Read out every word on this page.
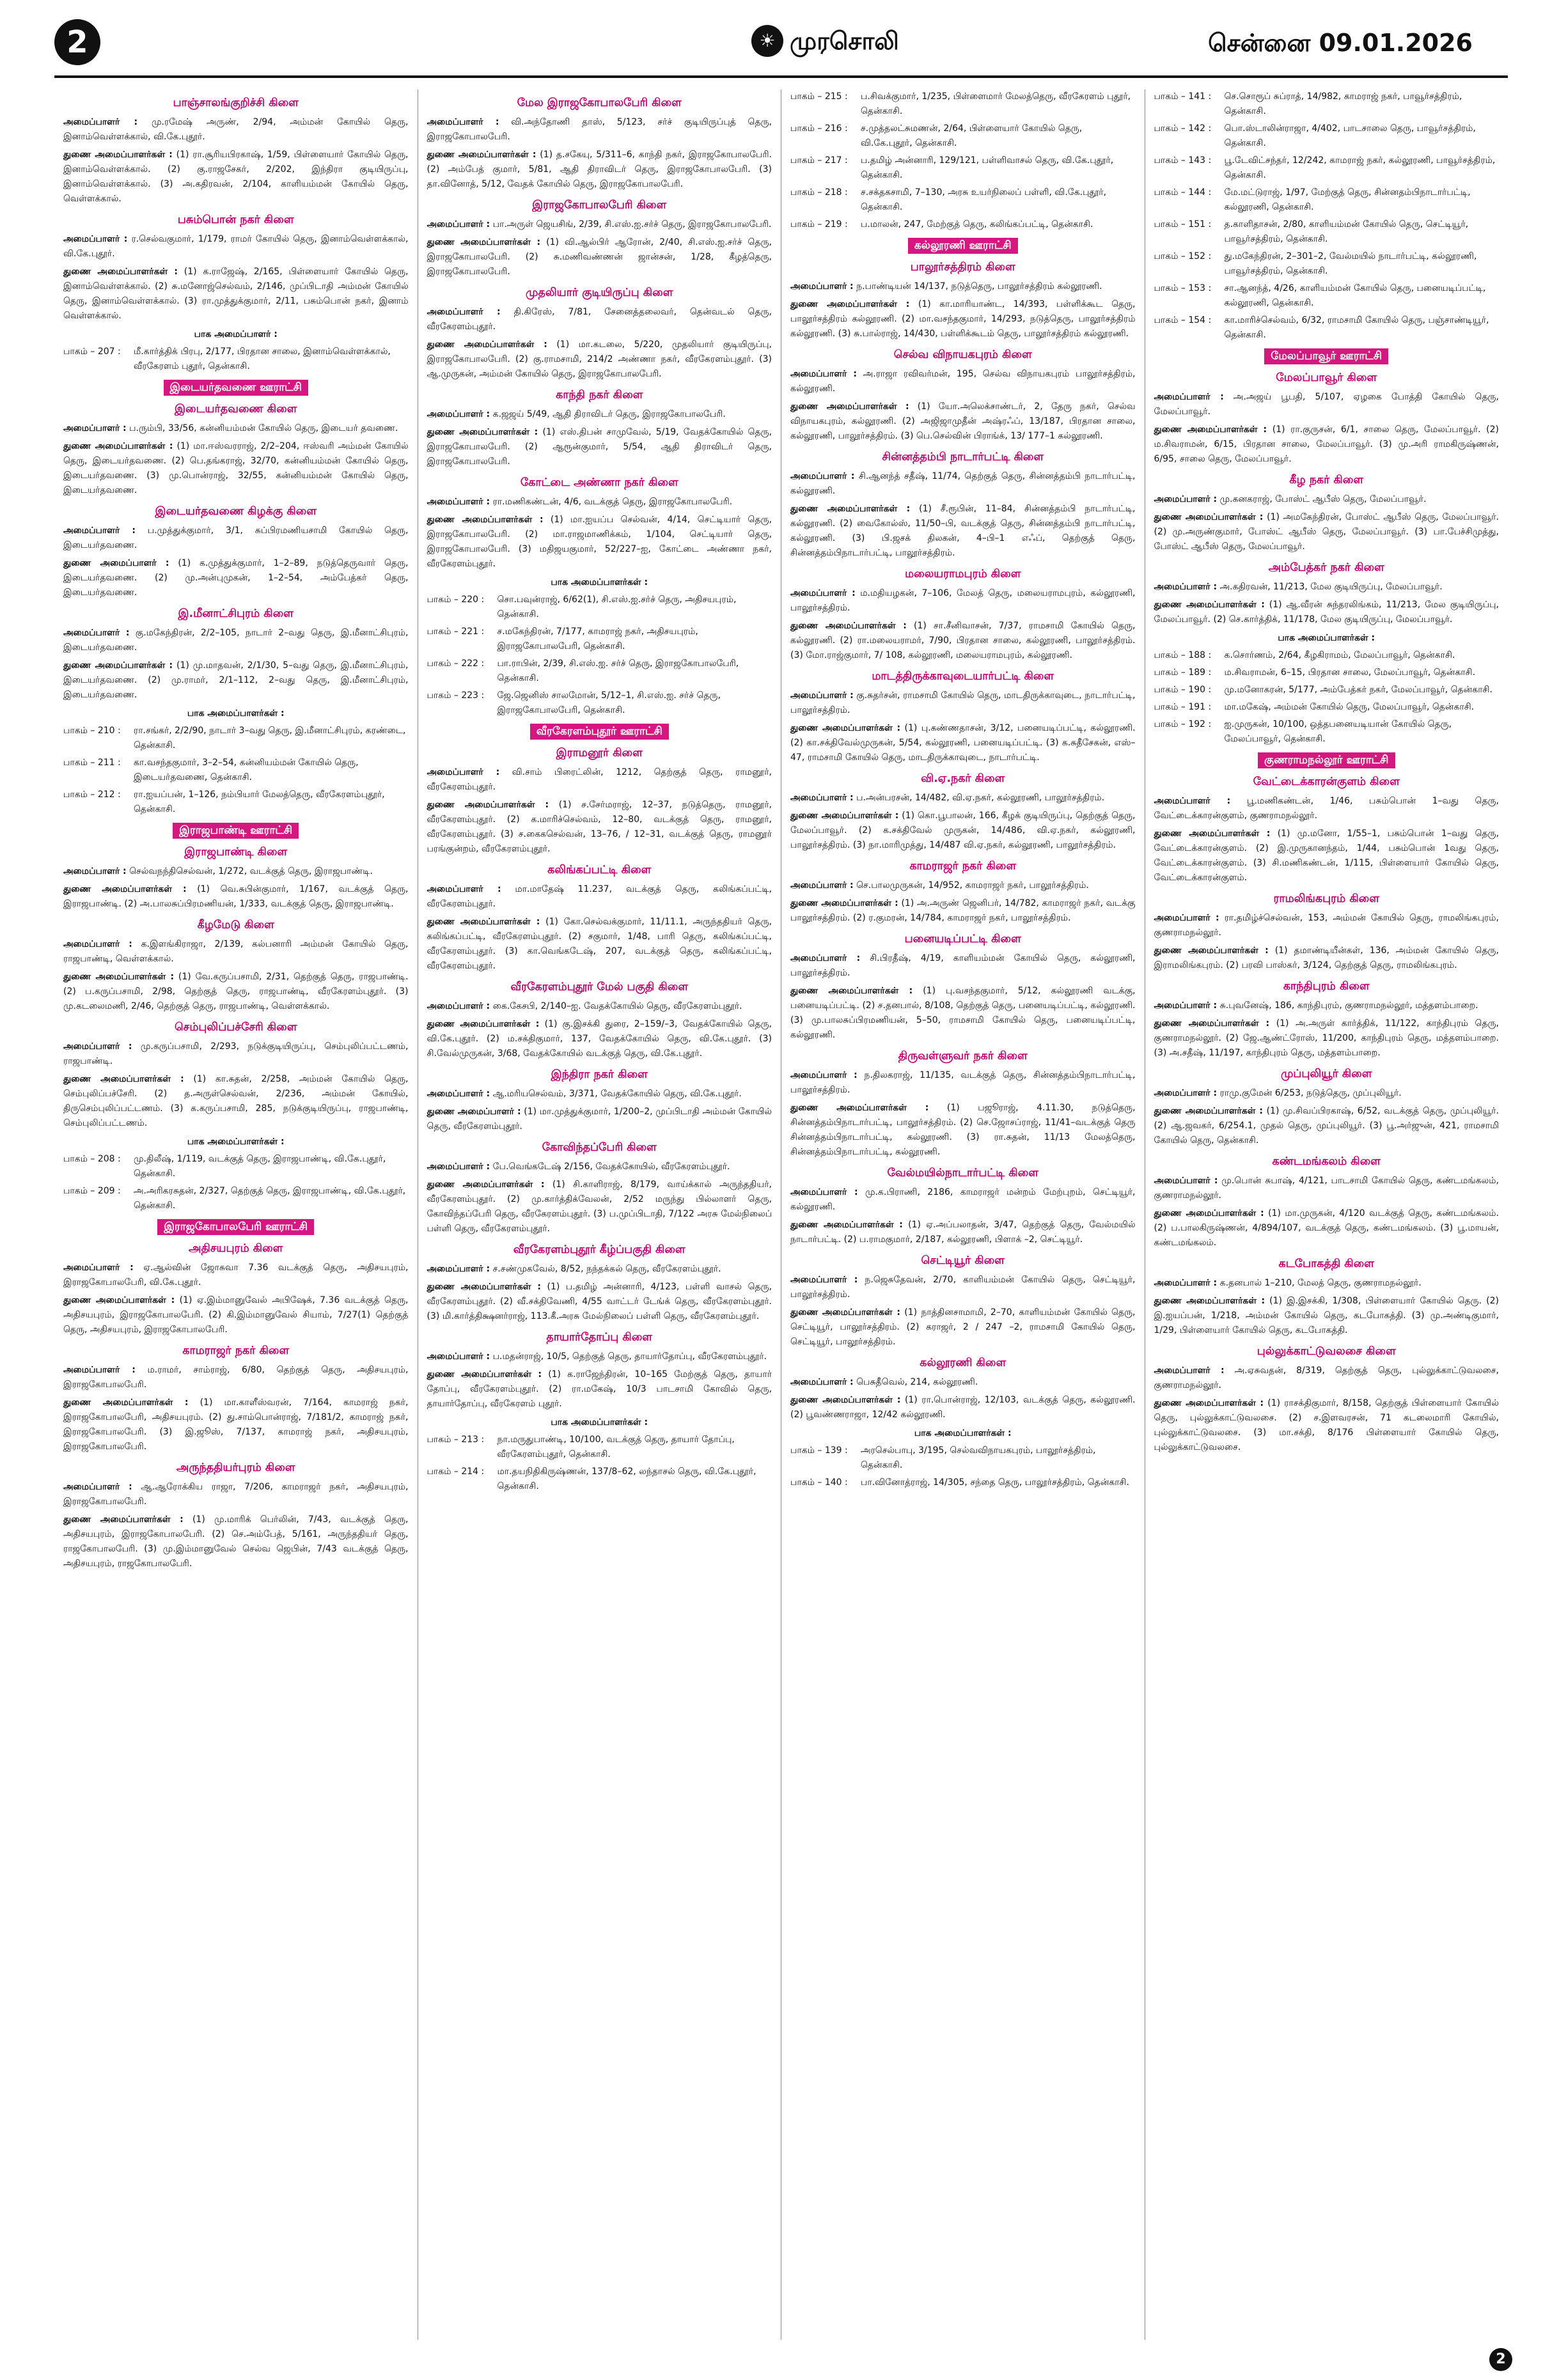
2	☀ முரசொலி	சென்னை 09.01.2026
பாஞ்சாலங்குறிச்சி கிளை

அமைப்பாளர் : மு.ரமேஷ் அருண், 2/94, அம்மன் கோயில் தெரு, இனாம்வெள்ளக்கால், வி.கே.புதூர்.

துணை அமைப்பாளர்கள் : (1) ரா.சூரியபிரகாஷ், 1/59, பிள்ளையார் கோயில் தெரு, இனாம்வெள்ளக்கால். (2) கு.ராஜசேகர், 2/202, இந்திரா குடியிருப்பு, இனாம்வெள்ளக்கால். (3) அ.கதிரவன், 2/104, காளியம்மன் கோயில் தெரு, வெள்ளக்கால்.

பசும்பொன் நகர் கிளை

அமைப்பாளர் : ர.செல்வகுமார், 1/179, ராமர் கோயில் தெரு, இனாம்வெள்ளக்கால், வி.கே.புதூர்.

துணை அமைப்பாளர்கள் : (1) க.ராஜேஷ், 2/165, பிள்ளையார் கோயில் தெரு, இனாம்வெள்ளக்கால். (2) சு.மனோஜ்செல்வம், 2/146, முப்பிடாதி அம்மன் கோயில் தெரு, இனாம்வெள்ளக்கால். (3) ரா.முத்துக்குமார், 2/11, பசும்பொன் நகர், இனாம் வெள்ளக்கால்.

பாக அமைப்பாளர் :
பாகம் – 207 :	மீ.கார்த்திக் பிரபு, 2/177, பிரதான சாலை, இனாம்வெள்ளக்கால், வீரகேரளம் புதூர், தென்காசி.
இடையர்தவணை ஊராட்சி
இடையர்தவணை கிளை

அமைப்பாளர் : ப.ரும்பி, 33/56, கன்னியம்மன் கோயில் தெரு, இடையர் தவணை.

துணை அமைப்பாளர்கள் : (1) மா.ஈஸ்வரராஜ், 2/2–204, ஈஸ்வரி அம்மன் கோயில் தெரு, இடையர்தவணை. (2) பெ.தங்கராஜ், 32/70, கன்னியம்மன் கோயில் தெரு, இடையர்தவணை. (3) மு.பொன்ராஜ், 32/55, கன்னியம்மன் கோயில் தெரு, இடையர்தவணை.

இடையர்தவணை கிழக்கு கிளை

அமைப்பாளர் : ப.முத்துக்குமார், 3/1, சுப்பிரமணியசாமி கோயில் தெரு, இடையர்தவணை.

துணை அமைப்பாளர் : (1) க.முத்துக்குமார், 1–2–89, நடுத்தெருவார் தெரு, இடையர்தவணை. (2) மு.அன்புமுகன், 1–2–54, அம்பேத்கர் தெரு, இடையர்தவணை.

இ.மீனாட்சிபுரம் கிளை

அமைப்பாளர் : கு.மகேந்திரன், 2/2–105, நாடார் 2–வது தெரு, இ.மீனாட்சிபுரம், இடையர்தவணை.

துணை அமைப்பாளர்கள் : (1) மு.மாதவன், 2/1/30, 5–வது தெரு, இ.மீனாட்சிபுரம், இடையர்தவணை. (2) மு.ராமர், 2/1–112, 2–வது தெரு, இ.மீனாட்சிபுரம், இடையர்தவணை.

பாக அமைப்பாளர்கள் :
பாகம் – 210 :	ரா.சங்கர், 2/2/90, நாடார் 3–வது தெரு, இ.மீனாட்சிபுரம், கரண்டை, தென்காசி.
பாகம் – 211 :	கா.வசந்தகுமார், 3–2–54, கன்னியம்மன் கோயில் தெரு, இடையர்தவணை, தென்காசி.
பாகம் – 212 :	ரா.ஐயப்பன், 1–126, நம்பியார் மேலத்தெரு, வீரகேரளம்புதூர், தென்காசி.
இராஜபாண்டி ஊராட்சி
இராஜபாண்டி கிளை

அமைப்பாளர் : செல்வநந்திசெல்வன், 1/272, வடக்குத் தெரு, இராஜபாண்டி.

துணை அமைப்பாளர்கள் : (1) வெ.சுபின்குமார், 1/167, வடக்குத் தெரு, இராஜபாண்டி. (2) அ.பாலசுப்பிரமணியன், 1/333, வடக்குத் தெரு, இராஜபாண்டி.

கீழமேடு கிளை

அமைப்பாளர் : க.இளங்கிராஜா, 2/139, கல்பனாரி அம்மன் கோயில் தெரு, ராஜபாண்டி, வெள்ளக்கால்.

துணை அமைப்பாளர்கள் : (1) வே.கருப்பசாமி, 2/31, தெற்குத் தெரு, ராஜபாண்டி. (2) ப.கருப்பசாமி, 2/98, தெற்குத் தெரு, ராஜபாண்டி, வீரகேரளம்புதூர். (3) மு.கடலைமணி, 2/46, தெற்குத் தெரு, ராஜபாண்டி, வெள்ளக்கால்.

செம்புலிப்பச்சேரி கிளை

அமைப்பாளர் : மு.கருப்பசாமி, 2/293, நடுக்குடியிருப்பு, செம்புலிப்பட்டணம், ராஜபாண்டி.

துணை அமைப்பாளர்கள் : (1) கா.சுதன், 2/258, அம்மன் கோயில் தெரு, செம்புலிப்பச்சேரி. (2) த.அருள்செல்வன், 2/236, அம்மன் கோயில், திருசெம்புலிப்பட்டணம். (3) க.கருப்பசாமி, 285, நடுக்குடியிருப்பு, ராஜபாண்டி, செம்புலிப்பட்டணம்.

பாக அமைப்பாளர்கள் :
பாகம் – 208 :	மு.திலீஷ், 1/119, வடக்குத் தெரு, இராஜபாண்டி, வி.கே.புதூர், தென்காசி.
பாகம் – 209 :	அ.அரிகரசுதன், 2/327, தெற்குத் தெரு, இராஜபாண்டி, வி.கே.புதூர், தென்காசி.
இராஜகோபாலபேரி ஊராட்சி
அதிசயபுரம் கிளை

அமைப்பாளர் : ஏ.ஆல்வின் ஜோசுவா 7.36 வடக்குத் தெரு, அதிசயபுரம், இராஜகோபாலபேரி, வி.கே.புதூர்.

துணை அமைப்பாளர்கள் : (1) ஏ.இம்மானுவேல் அபிஷேக், 7.36 வடக்குத் தெரு, அதிசயபுரம், இராஜகோபாலபேரி. (2) கி.இம்மானுவேல் சியாம், 7/27(1) தெற்குத் தெரு, அதிசயபுரம், இராஜகோபாலபேரி.

காமராஜர் நகர் கிளை

அமைப்பாளர் : ம.ராமர், சாம்ராஜ், 6/80, தெற்குத் தெரு, அதிசயபுரம், இராஜகோபாலபேரி.

துணை அமைப்பாளர்கள் : (1) மா.காளீஸ்வரன், 7/164, காமராஜ் நகர், இராஜகோபாலபேரி, அதிசயபுரம். (2) து.சாம்பொன்ராஜ், 7/181/2, காமராஜ் நகர், இராஜகோபாலபேரி. (3) இ.ஜூஸ், 7/137, காமராஜ் நகர், அதிசயபுரம், இராஜகோபாலபேரி.

அருந்ததியர்புரம் கிளை

அமைப்பாளர் : ஆ.ஆரோக்கிய ராஜா, 7/206, காமராஜர் நகர், அதிசயபுரம், இராஜகோபாலபேரி.

துணை அமைப்பாளர்கள் : (1) மு.மாரிக் பெர்லின், 7/43, வடக்குத் தெரு, அதிசயபுரம், இராஜகோபாலபேரி. (2) செ.அம்பேத், 5/161, அருந்ததியர் தெரு, ராஜகோபாலபேரி. (3) மு.இம்மானுவேல் செல்வ ஜெபின், 7/43 வடக்குத் தெரு, அதிசயபுரம், ராஜகோபாலபேரி.

மேல இராஜகோபாலபேரி கிளை

அமைப்பாளர் : வி.அந்தோணி தாஸ், 5/123, சர்ச் குடியிருப்புத் தெரு, இராஜகோபாலபேரி.

துணை அமைப்பாளர்கள் : (1) த.சகேயு, 5/311–6, காந்தி நகர், இராஜகோபாலபேரி. (2) அம்பேத் குமார், 5/81, ஆதி திராவிடர் தெரு, இராஜகோபாலபேரி. (3) தா.வினோத், 5/12, வேதக் கோயில் தெரு, இராஜகோபாலபேரி.

இராஜகோபாலபேரி கிளை

அமைப்பாளர் : பா.அருள் ஜெயசிங், 2/39, சி.எஸ்.ஐ.சர்ச் தெரு, இராஜகோபாலபேரி.

துணை அமைப்பாளர்கள் : (1) வி.ஆல்பிர் ஆரோன், 2/40, சி.எஸ்.ஐ.சர்ச் தெரு, இராஜகோபாலபேரி. (2) சு.மணிவண்ணன் ஜான்சன், 1/28, கீழத்தெரு, இராஜகோபாலபேரி.

முதலியார் குடியிருப்பு கிளை

அமைப்பாளர் : தி.கிரேஸ், 7/81, சேனைத்தலைவர், தென்வடல் தெரு, வீரகேரளம்புதூர்.

துணை அமைப்பாளர்கள் : (1) மா.கடலை, 5/220, முதலியார் குடியிருப்பு, இராஜகோபாலபேரி. (2) கு.ராமசாமி, 214/2 அண்ணா நகர், வீரகேரளம்புதூர். (3) ஆ.முருகன், அம்மன் கோயில் தெரு, இராஜகோபாலபேரி.

காந்தி நகர் கிளை

அமைப்பாளர் : க.ஜஜய் 5/49, ஆதி திராவிடர் தெரு, இராஜகோபாலபேரி.

துணை அமைப்பாளர்கள் : (1) எஸ்.திபன் சாமுவேல், 5/19, வேதக்கோயில் தெரு, இராஜகோபாலபேரி. (2) ஆரூன்குமார், 5/54, ஆதி திராவிடர் தெரு, இராஜகோபாலபேரி.

கோட்டை அண்ணா நகர் கிளை

அமைப்பாளர் : ரா.மணிகண்டன், 4/6, வடக்குத் தெரு, இராஜகோபாலபேரி.

துணை அமைப்பாளர்கள் : (1) மா.ஐயப்ப செல்வன், 4/14, செட்டியார் தெரு, இராஜகோபாலபேரி. (2) மா.ராஜமாணிக்கம், 1/104, செட்டியார் தெரு, இராஜகோபாலபேரி. (3) மதிஜயகுமார், 52/227–ஐ, கோட்டை அண்ணா நகர், வீரகேரளம்புதூர்.

பாக அமைப்பாளர்கள் :
பாகம் – 220 :	சொ.பவுன்ராஜ், 6/62(1), சி.எஸ்.ஐ.சர்ச் தெரு, அதிசயபுரம், தென்காசி.
பாகம் – 221 :	ச.மகேந்திரன், 7/177, காமராஜ் நகர், அதிசயபுரம், இராஜகோபாலபேரி, தென்காசி.
பாகம் – 222 :	பா.ராபின், 2/39, சி.எஸ்.ஐ. சர்ச் தெரு, இராஜகோபாலபேரி, தென்காசி.
பாகம் – 223 :	ஜே.ஜெனிஸ் சாலமோன், 5/12–1, சி.எஸ்.ஐ. சர்ச் தெரு, இராஜகோபாலபேரி, தென்காசி.
வீரகேரளம்புதூர் ஊராட்சி
இராமனூர் கிளை

அமைப்பாளர் : வி.சாம் பிரைட்லின், 1212, தெற்குத் தெரு, ராமனூர், வீரகேரளம்புதூர்.

துணை அமைப்பாளர்கள் : (1) ச.சேர்மராஜ், 12–37, நடுத்தெரு, ராமனூர், வீரகேரளம்புதூர். (2) க.மாரிச்செல்வம், 12–80, வடக்குத் தெரு, ராமனூர், வீரகேரளம்புதூர். (3) ச.கைகசெல்வன், 13–76, / 12–31, வடக்குத் தெரு, ராமனூர் பரங்குன்றம், வீரகேரளம்புதூர்.

கலிங்கப்பட்டி கிளை

அமைப்பாளர் : மா.மாதேஷ் 11.237, வடக்குத் தெரு, கலிங்கப்பட்டி, வீரகேரளம்புதூர்.

துணை அமைப்பாளர்கள் : (1) கோ.செல்வக்குமார், 11/11.1, அருந்ததியர் தெரு, கலிங்கப்பட்டி, வீரகேரளம்புதூர். (2) சகுமார், 1/48, பாரி தெரு, கலிங்கப்பட்டி, வீரகேரளம்புதூர். (3) கா.வெங்கடேஷ், 207, வடக்குத் தெரு, கலிங்கப்பட்டி, வீரகேரளம்புதூர்.

வீரகேரளம்புதூர் மேல் பகுதி கிளை

அமைப்பாளர் : கை.கேசபி, 2/140–ஐ. வேதக்கோயில் தெரு, வீரகேரளம்புதூர்.

துணை அமைப்பாளர்கள் : (1) கு.இசக்கி துரை, 2–159/–3, வேதக்கோயில் தெரு, வி.கே.புதூர். (2) ம.சக்திகுமார், 137, வேதக்கோயில் தெரு, வி.கே.புதூர். (3) சி.வேல்முருகன், 3/68, வேதக்கோயில் வடக்குத் தெரு, வி.கே.புதூர்.

இந்திரா நகர் கிளை

அமைப்பாளர் : ஆ.மரியசெல்வம், 3/371, வேதக்கோயில் தெரு, வி.கே.புதூர்.

துணை அமைப்பாளர் : (1) மா.முத்துக்குமார், 1/200–2, முப்பிடாதி அம்மன் கோயில் தெரு, வீரகேரளம்புதூர்.

கோவிந்தப்பேரி கிளை

அமைப்பாளர் : பே.வெங்கடேஷ் 2/156, வேதக்கோயில், வீரகேரளம்புதூர்.

துணை அமைப்பாளர்கள் : (1) சி.காளிராஜ், 8/179, வாய்க்கால் அருந்ததியர், வீரகேரளம்புதூர். (2) மு.கார்த்திக்வேலன், 2/52 மருந்து பில்லாளர் தெரு, கோவிந்தப்பேரி தெரு, வீரகேரளம்புதூர். (3) ப.முப்பிடாதி, 7/122 அரசு மேல்நிலைப் பள்ளி தெரு, வீரகேரளம்புதூர்.

வீரகேரளம்புதூர் கீழ்ப்பகுதி கிளை

அமைப்பாளர் : ச.சண்முகவேல், 8/52, நந்தக்கல் தெரு, வீரகேரளம்புதூர்.

துணை அமைப்பாளர்கள் : (1) ப.தமிழ் அன்னாரி, 4/123, பள்ளி வாசல் தெரு, வீரகேரளம்புதூர். (2) வீ.சக்திவேணி, 4/55 வாட்டர் டேங்க் தெரு, வீரகேரளம்புதூர். (3) மி.கார்த்திக்ஷனர்ராஜ், 113.கீ.அரசு மேல்நிலைப் பள்ளி தெரு, வீரகேரளம்புதூர்.

தாயார்தோப்பு கிளை

அமைப்பாளர் : ப.மதன்ராஜ், 10/5, தெற்குத் தெரு, தாயார்தோப்பு, வீரகேரளம்புதூர்.

துணை அமைப்பாளர்கள் : (1) க.ராஜேந்திரன், 10–165 மேற்குத் தெரு, தாயார் தோப்பு, வீரகேரளம்புதூர். (2) ரா.மகேஷ், 10/3 பாடசாமி கோவில் தெரு, தாயார்தோப்பு, வீரகேரளம் புதூர்.

பாக அமைப்பாளர்கள் :
பாகம் – 213 :	நா.மருதுபாண்டி, 10/100, வடக்குத் தெரு, தாயார் தோப்பு, வீரகேரளம்புதூர், தென்காசி.
பாகம் – 214 :	மா.தயநிதிகிருஷ்ணன், 137/8–62, லந்தாசல் தெரு, வி.கே.புதூர், தென்காசி.
பாகம் – 215 :	ப.சிவக்குமார், 1/235, பிள்ளைமார் மேலத்தெரு, வீரகேரளம் புதூர், தென்காசி.
பாகம் – 216 :	ச.முத்தலட்சுமணன், 2/64, பிள்ளையார் கோயில் தெரு, வி.கே.புதூர், தென்காசி.
பாகம் – 217 :	ப.தமிழ் அன்னாரி, 129/121, பள்ளிவாசல் தெரு, வி.கே.புதூர், தென்காசி.
பாகம் – 218 :	ச.சக்தகசாமி, 7–130, அரசு உயர்நிலைப் பள்ளி, வி.கே.புதூர், தென்காசி.
பாகம் – 219 :	ப.மாலன், 247, மேற்குத் தெரு, கலிங்கப்பட்டி, தென்காசி.
கல்லூரணி ஊராட்சி
பாலூர்சத்திரம் கிளை

அமைப்பாளர் : ந.பாண்டியன் 14/137, நடுத்தெரு, பாலூர்சத்திரம் கல்லூரணி.

துணை அமைப்பாளர்கள் : (1) கா.மாரியாண்ட, 14/393, பள்ளிக்கூட தெரு, பாலூர்சத்திரம் கல்லூரணி. (2) மா.வசந்தகுமார், 14/293, நடுத்தெரு, பாலூர்சத்திரம் கல்லூரணி. (3) சு.பால்ராஜ், 14/430, பள்ளிக்கூடம் தெரு, பாலூர்சத்திரம் கல்லூரணி.

செல்வ விநாயகபுரம் கிளை

அமைப்பாளர் : அ.ராஜா ரவிவர்மன், 195, செல்வ விநாயகபுரம் பாலூர்சத்திரம், கல்லூரணி.

துணை அமைப்பாளர்கள் : (1) யோ.அலெக்சாண்டர், 2, தேரு நகர், செல்வ விநாயகபுரம், கல்லூரணி. (2) அஜிஜாமுதீன் அஷ்ரஃப், 13/187, பிரதான சாலை, கல்லூரணி, பாலூர்சத்திரம். (3) பெ.செல்வின் பிராங்க், 13/ 177–1 கல்லூரணி.

சின்னத்தம்பி நாடார்பட்டி கிளை

அமைப்பாளர் : சி.ஆனந்த் சதீஷ், 11/74, தெற்குத் தெரு, சின்னத்தம்பி நாடார்பட்டி, கல்லூரணி.

துணை அமைப்பாளர்கள் : (1) சீ.ரூபின், 11–84, சின்னத்தம்பி நாடார்பட்டி, கல்லூரணி. (2) வைகோல்ஸ், 11/50–பி, வடக்குத் தெரு, சின்னத்தம்பி நாடார்பட்டி, கல்லூரணி. (3) பி.ஜசக் திலகன், 4–பி–1 எஃப், தெற்குத் தெரு, சின்னத்தம்பிநாடார்பட்டி, பாலூர்சத்திரம்.

மலையராமபுரம் கிளை

அமைப்பாளர் : ம.மதியழகன், 7–106, மேலத் தெரு, மலையராமபுரம், கல்லூரணி, பாலூர்சத்திரம்.

துணை அமைப்பாளர்கள் : (1) சா.சீனிவாசன், 7/37, ராமசாமி கோயில் தெரு, கல்லூரணி. (2) ரா.மலையராமர், 7/90, பிரதான சாலை, கல்லூரணி, பாலூர்சத்திரம். (3) மோ.ராஜ்குமார், 7/ 108, கல்லூரணி, மலையராமபுரம், கல்லூரணி.

மாடத்திருக்காவுடையார்பட்டி கிளை

அமைப்பாளர் : கு.சுதர்சன், ராமசாமி கோயில் தெரு, மாடதிருக்காவுடை, நாடார்பட்டி, பாலூர்சத்திரம்.

துணை அமைப்பாளர்கள் : (1) பு.கண்ணதாசன், 3/12, பனையடிப்பட்டி, கல்லூரணி. (2) கா.சக்திவேல்முருகன், 5/54, கல்லூரணி, பனையடிப்பட்டி. (3) க.சுதீசேகன், எஸ்–47, ராமசாமி கோயில் தெரு, மாடதிருக்காவுடை, நாடார்பட்டி.

வி.ஏ.நகர் கிளை

அமைப்பாளர் : ப.அன்பரசன், 14/482, வி.ஏ.நகர், கல்லூரணி, பாலூர்சத்திரம்.

துணை அமைப்பாளர்கள் : (1) கொ.பூபாலன், 166, கீழக் குடியிருப்பு, தெற்குத் தெரு, மேலப்பாவூர். (2) க.சக்திவேல் முருகன், 14/486, வி.ஏ.நகர், கல்லூரணி, பாலூர்சத்திரம். (3) நா.மாரிமுத்து, 14/487 வி.ஏ.நகர், கல்லூரணி, பாலூர்சத்திரம்.

காமராஜர் நகர் கிளை

அமைப்பாளர் : செ.பாலமுருகன், 14/952, காமராஜர் நகர், பாலூர்சத்திரம்.

துணை அமைப்பாளர்கள் : (1) அ.அருண் ஜெனிபர், 14/782, காமராஜர் நகர், வடக்கு பாலூர்சத்திரம். (2) ர.குமரன், 14/784, காமராஜர் நகர், பாலூர்சத்திரம்.

பனையடிப்பட்டி கிளை

அமைப்பாளர் : சி.பிரதீஷ், 4/19, காளியம்மன் கோயில் தெரு, கல்லூரணி, பாலூர்சத்திரம்.

துணை அமைப்பாளர்கள் : (1) பு.வசந்தகுமார், 5/12, கல்லூரணி வடக்கு, பனையடிப்பட்டி. (2) ச.தனபால், 8/108, தெற்குத் தெரு, பனையடிப்பட்டி, கல்லூரணி. (3) மு.பாலசுப்பிரமணியன், 5–50, ராமசாமி கோயில் தெரு, பனையடிப்பட்டி, கல்லூரணி.

திருவள்ளுவர் நகர் கிளை

அமைப்பாளர் : ந.திலகராஜ், 11/135, வடக்குத் தெரு, சின்னத்தம்பிநாடார்பட்டி, பாலூர்சத்திரம்.

துணை அமைப்பாளர்கள் : (1) பஜூராஜ், 4.11.30, நடுத்தெரு, சின்னத்தம்பிநாடார்பட்டி, பாலூர்சத்திரம். (2) செ.ஜோசப்ராஜ், 11/41–வடக்குத் தெரு சின்னத்தம்பிநாடார்பட்டி, கல்லூரணி. (3) ரா.சுதன், 11/13 மேலத்தெரு, சின்னத்தம்பிநாடார்பட்டி, கல்லூரணி.

வேல்மயில்நாடார்பட்டி கிளை

அமைப்பாளர் : மு.க.பிராணி, 2186, காமராஜர் மன்றம் மேற்புறம், செட்டியூர், கல்லூரணி.

துணை அமைப்பாளர்கள் : (1) ஏ.அப்பலாதன், 3/47, தெற்குத் தெரு, வேல்மயில் நாடார்பட்டி. (2) ப.ராமகுமார், 2/187, கல்லூரணி, பிளாக் –2, செட்டியூர்.

செட்டியூர் கிளை

அமைப்பாளர் : ந.ஜெசுதேவன், 2/70, காளியம்மன் கோயில் தெரு, செட்டியூர், பாலூர்சத்திரம்.

துணை அமைப்பாளர்கள் : (1) நாத்தினசாமாமி, 2–70, காளியம்மன் கோயில் தெரு, செட்டியூர், பாலூர்சத்திரம். (2) கராஜர், 2 / 247 –2, ராமசாமி கோயில் தெரு, செட்டியூர், பாலூர்சத்திரம்.

கல்லூரணி கிளை

அமைப்பாளர் : பெசுதீவெல், 214, கல்லூரணி.

துணை அமைப்பாளர்கள் : (1) ரா.பொன்ராஜ், 12/103, வடக்குத் தெரு, கல்லூரணி. (2) பூவண்ணராஜா, 12/42 கல்லூரணி.

பாக அமைப்பாளர்கள் :
பாகம் – 139 :	அரசெல்பாபு, 3/195, செல்வவிநாயகபுரம், பாலூர்சத்திரம், தென்காசி.
பாகம் – 140 :	பா.வினோத்ராஜ், 14/305, சந்தை தெரு, பாலூர்சத்திரம், தென்காசி.
பாகம் – 141 :	செ.சொரூப் சுப்ராத், 14/982, காமராஜ் நகர், பாவூர்சத்திரம், தென்காசி.
பாகம் – 142 :	பொ.ஸ்டாலின்ராஜா, 4/402, பாடசாலை தெரு, பாவூர்சத்திரம், தென்காசி.
பாகம் – 143 :	பூ.டேவிட்சந்தர், 12/242, காமராஜ் நகர், கல்லூரணி, பாவூர்சத்திரம், தென்காசி.
பாகம் – 144 :	மே.மட்டுராஜ், 1/97, மேற்குத் தெரு, சின்னதம்பிநாடார்பட்டி, கல்லூரணி, தென்காசி.
பாகம் – 151 :	த.காளிதாசன், 2/80, காளியம்மன் கோயில் தெரு, செட்டியூர், பாவூர்சத்திரம், தென்காசி.
பாகம் – 152 :	து.மகேந்திரன், 2–301–2, வேல்மயில் நாடார்பட்டி, கல்லூரணி, பாவூர்சத்திரம், தென்காசி.
பாகம் – 153 :	சா.ஆனந்த், 4/26, காளியம்மன் கோயில் தெரு, பனையடிப்பட்டி, கல்லூரணி, தென்காசி.
பாகம் – 154 :	கா.மாரிச்செல்வம், 6/32, ராமசாமி கோயில் தெரு, பஞ்சாண்டியூர், தென்காசி.
மேலப்பாவூர் ஊராட்சி
மேலப்பாவூர் கிளை

அமைப்பாளர் : அ.அஜய் பூபதி, 5/107, ஏழகை போத்தி கோயில் தெரு, மேலப்பாவூர்.

துணை அமைப்பாளர்கள் : (1) ரா.குருசன், 6/1, சாலை தெரு, மேலப்பாவூர். (2) ம.சிவராமன், 6/15, பிரதான சாலை, மேலப்பாவூர். (3) மு.அரி ராமகிருஷ்ணன், 6/95, சாலை தெரு, மேலப்பாவூர்.

கீழ நகர் கிளை

அமைப்பாளர் : மு.கனகராஜ், போஸ்ட் ஆபீஸ் தெரு, மேலப்பாவூர்.

துணை அமைப்பாளர்கள் : (1) அமகேந்திரன், போஸ்ட் ஆபீஸ் தெரு, மேலப்பாவூர். (2) மு.அருண்குமார், போஸ்ட் ஆபீஸ் தெரு, மேலப்பாவூர். (3) பா.பேச்சிமுத்து, போஸ்ட் ஆபீஸ் தெரு, மேலப்பாவூர்.

அம்பேத்கர் நகர் கிளை

அமைப்பாளர் : அ.கதிரவன், 11/213, மேல குடியிருப்பு, மேலப்பாவூர்.

துணை அமைப்பாளர்கள் : (1) ஆ.வீரன் சுந்தரலிங்கம், 11/213, மேல குடியிருப்பு, மேலப்பாவூர். (2) செ.கார்த்திக், 11/178, மேல குடியிருப்பு, மேலப்பாவூர்.

பாக அமைப்பாளர்கள் :
பாகம் – 188 :	க.சொர்ணம், 2/64, கீழகிராமம், மேலப்பாவூர், தென்காசி.
பாகம் – 189 :	ம.சிவராமன், 6–15, பிரதான சாலை, மேலப்பாவூர், தென்காசி.
பாகம் – 190 :	மு.மனோகரன், 5/177, அம்பேத்கர் நகர், மேலப்பாவூர், தென்காசி.
பாகம் – 191 :	மா.மகேஷ், அம்மன் கோயில் தெரு, மேலப்பாவூர், தென்காசி.
பாகம் – 192 :	ஐ.முருகன், 10/100, ஒத்தபனையடியான் கோயில் தெரு, மேலப்பாவூர், தென்காசி.
குணராமநல்லூர் ஊராட்சி
வேட்டைக்காரன்குளம் கிளை

அமைப்பாளர் : பூ.மணிகண்டன், 1/46, பசும்பொன் 1–வது தெரு, வேட்டைக்காரன்குளம், குணராமநல்லூர்.

துணை அமைப்பாளர்கள் : (1) மு.மனோ, 1/55–1, பசும்பொன் 1–வது தெரு, வேட்டைக்காரன்குளம். (2) இ.முருகானந்தம், 1/44, பசும்பொன் 1வது தெரு, வேட்டைக்காரன்குளம். (3) சி.மணிகண்டன், 1/115, பிள்ளையார் கோயில் தெரு, வேட்டைக்காரன்குளம்.

ராமலிங்கபுரம் கிளை

அமைப்பாளர் : ரா.தமிழ்ச்செல்வன், 153, அம்மன் கோயில் தெரு, ராமலிங்கபுரம், குணராமநல்லூர்.

துணை அமைப்பாளர்கள் : (1) தமாண்டியீன்கள், 136, அம்மன் கோயில் தெரு, இராமலிங்கபுரம். (2) பரவி பாஸ்கர், 3/124, தெற்குத் தெரு, ராமலிங்கபுரம்.

காந்திபுரம் கிளை

அமைப்பாளர் : சு.புவனேஷ், 186, காந்திபுரம், குணராமநல்லூர், மத்தளம்பாறை.

துணை அமைப்பாளர்கள் : (1) அ.அருள் கார்த்திக், 11/122, காந்திபுரம் தெரு, குணராமநல்லூர். (2) ஜே.ஆண்ட்ரோஸ், 11/200, காந்திபுரம் தெரு, மத்தளம்பாறை. (3) அ.சதீஷ், 11/197, காந்திபுரம் தெரு, மத்தளம்பாறை.

முப்புலியூர் கிளை

அமைப்பாளர் : ராமு.குமேன் 6/253, நடுத்தெரு, முப்புலியூர்.

துணை அமைப்பாளர்கள் : (1) மு.சிவப்பிரகாஷ், 6/52, வடக்குத் தெரு, முப்புலியூர். (2) ஆ.ஜவகர், 6/254.1, முதல் தெரு, முப்புலியூர். (3) பூ.அர்ஜுன், 421, ராமசாமி கோயில் தெரு, தென்காசி.

கண்டமங்கலம் கிளை

அமைப்பாளர் : மு.பொன் சுபாஷ், 4/121, பாடசாமி கோயில் தெரு, கண்டமங்கலம், குணராமநல்லூர்.

துணை அமைப்பாளர்கள் : (1) மா.முருகன், 4/120 வடக்குத் தெரு, கண்டமங்கலம். (2) ப.பாலகிருஷ்ணன், 4/894/107, வடக்குத் தெரு, கண்டமங்கலம். (3) பூ.மாயன், கண்டமங்கலம்.

கடபோகத்தி கிளை

அமைப்பாளர் : க.தனபால் 1–210, மேலத் தெரு, குணராமநல்லூர்.

துணை அமைப்பாளர்கள் : (1) இ.இசக்கி, 1/308, பிள்ளையார் கோயில் தெரு. (2) இ.ஐயப்பன், 1/218, அம்மன் கோயில் தெரு, கடபோகத்தி. (3) மு.அண்டிகுமார், 1/29, பிள்ளையார் கோயில் தெரு, கடபோகத்தி.

புல்லுக்காட்டுவலசை கிளை

அமைப்பாளர் : அ.ஏசுவதன், 8/319, தெற்குத் தெரு, புல்லுக்காட்டுவலசை, குணராமநல்லூர்.

துணை அமைப்பாளர்கள் : (1) ராசக்திகுமார், 8/158, தெற்குத் பிள்ளையார் கோயில் தெரு, புல்லுக்காட்டுவலசை. (2) ச.இளவரசன், 71 கடலைமாரி கோயில், புல்லுக்காட்டுவலசை. (3) மா.சக்தி, 8/176 பிள்ளையார் கோயில் தெரு, புல்லுக்காட்டுவலசை.

2
